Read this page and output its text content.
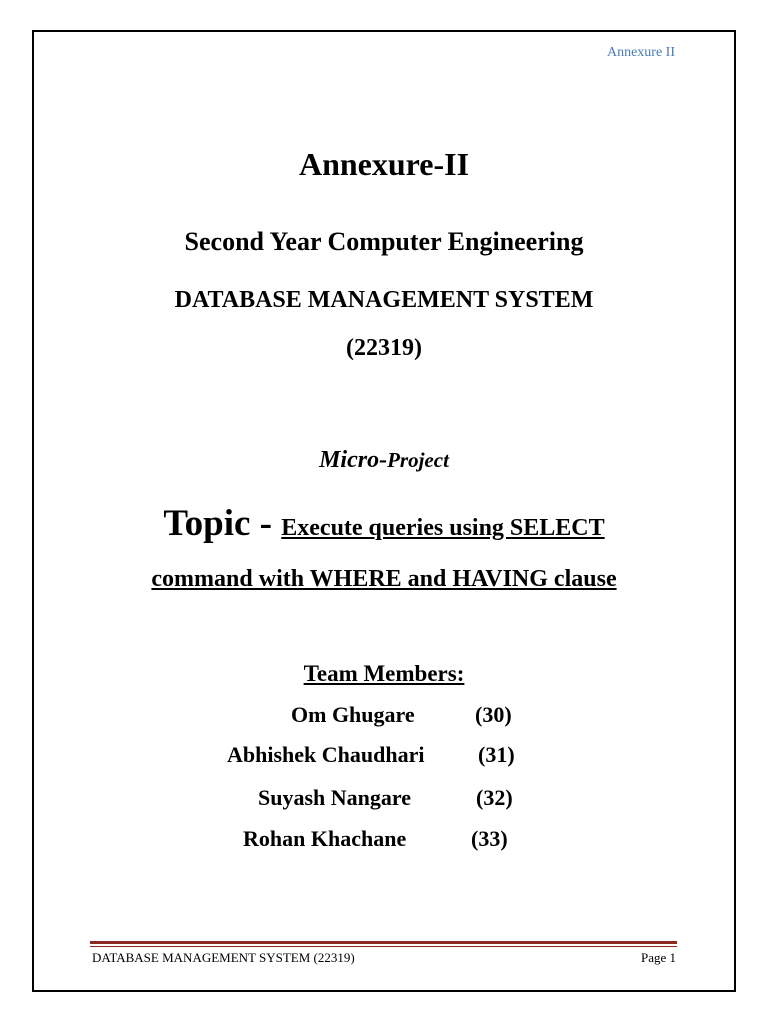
Annexure II
Annexure-II
Second Year Computer Engineering
DATABASE MANAGEMENT SYSTEM
(22319)
Micro-Project
Topic - Execute queries using SELECT
command with WHERE and HAVING clause
Team Members:
Om Ghugare	(30)
Abhishek Chaudhari (31)
Suyash Nangare	(32)
Rohan Khachane	(33)
DATABASE MANAGEMENT SYSTEM (22319)	Page 1
